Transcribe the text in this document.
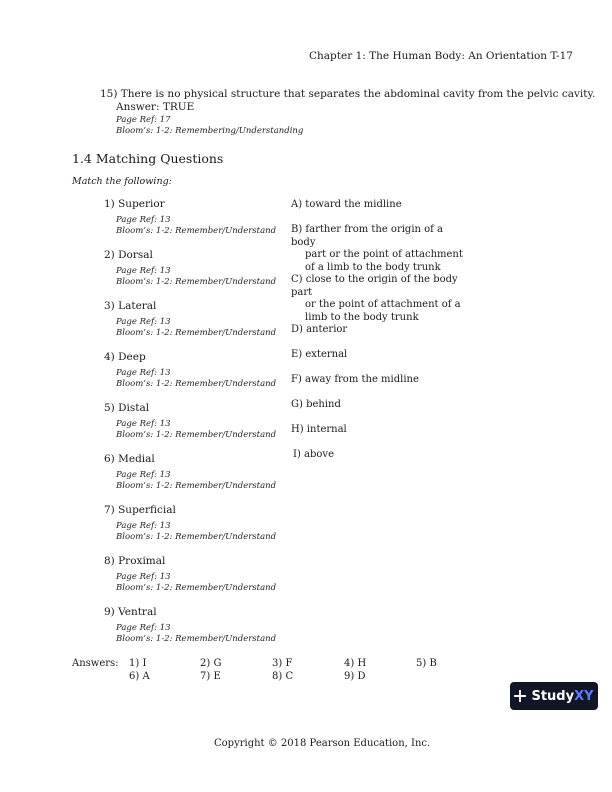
Chapter 1: The Human Body: An Orientation T-17
15) There is no physical structure that separates the abdominal cavity from the pelvic cavity.
Answer: TRUE
Page Ref: 17
Bloom’s: 1-2: Remembering/Understanding
1.4 Matching Questions
Match the following:
1) Superior
Page Ref: 13
Bloom’s: 1-2: Remember/Understand
2) Dorsal
Page Ref: 13
Bloom’s: 1-2: Remember/Understand
3) Lateral
Page Ref: 13
Bloom’s: 1-2: Remember/Understand
4) Deep
Page Ref: 13
Bloom’s: 1-2: Remember/Understand
5) Distal
Page Ref: 13
Bloom’s: 1-2: Remember/Understand
6) Medial
Page Ref: 13
Bloom’s: 1-2: Remember/Understand
7) Superficial
Page Ref: 13
Bloom’s: 1-2: Remember/Understand
8) Proximal
Page Ref: 13
Bloom’s: 1-2: Remember/Understand
9) Ventral
Page Ref: 13
Bloom’s: 1-2: Remember/Understand
A) toward the midline
B) farther from the origin of a body
part or the point of attachment of a limb to the body trunk
C) close to the origin of the body part
or the point of attachment of a limb to the body trunk
D) anterior
E) external
F) away from the midline
G) behind
H) internal
I) above
Answers: 1) I	2) G	3) F	4) H	5) B
6) A	7) E	8) C	9) D
StudyXY
Copyright © 2018 Pearson Education, Inc.
